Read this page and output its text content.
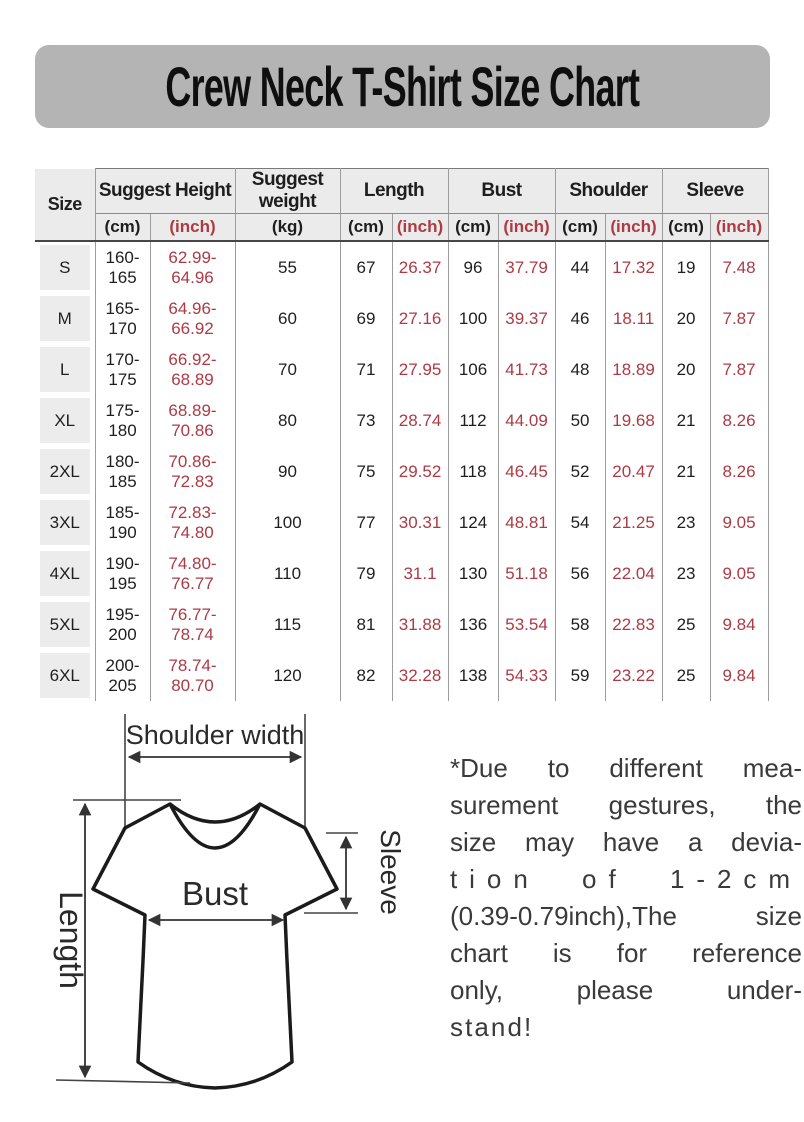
Crew Neck T-Shirt Size Chart
Size	Suggest Height		Suggest weight	Length		Bust		Shoulder		Sleeve	
	(cm)	(inch)	(kg)	(cm)	(inch)	(cm)	(inch)	(cm)	(inch)	(cm)	(inch)

S	160-165	62.99-64.96	55	67	26.37	96	37.79	44	17.32	19	7.48

M	165-170	64.96-66.92	60	69	27.16	100	39.37	46	18.11	20	7.87

L	170-175	66.92-68.89	70	71	27.95	106	41.73	48	18.89	20	7.87

XL	175-180	68.89-70.86	80	73	28.74	112	44.09	50	19.68	21	8.26

2XL	180-185	70.86-72.83	90	75	29.52	118	46.45	52	20.47	21	8.26

3XL	185-190	72.83-74.80	100	77	30.31	124	48.81	54	21.25	23	9.05

4XL	190-195	74.80-76.77	110	79	31.1	130	51.18	56	22.04	23	9.05

5XL	195-200	76.77-78.74	115	81	31.88	136	53.54	58	22.83	25	9.84

6XL	200-205	78.74-80.70	120	82	32.28	138	54.33	59	23.22	25	9.84
Shoulder width
Length	Bust	Sleeve
*Due to different mea-
surement gestures, the
size may have a devia-
tion of 1-2cm
(0.39-0.79inch),The size
chart is for reference
only, please under-
stand!
